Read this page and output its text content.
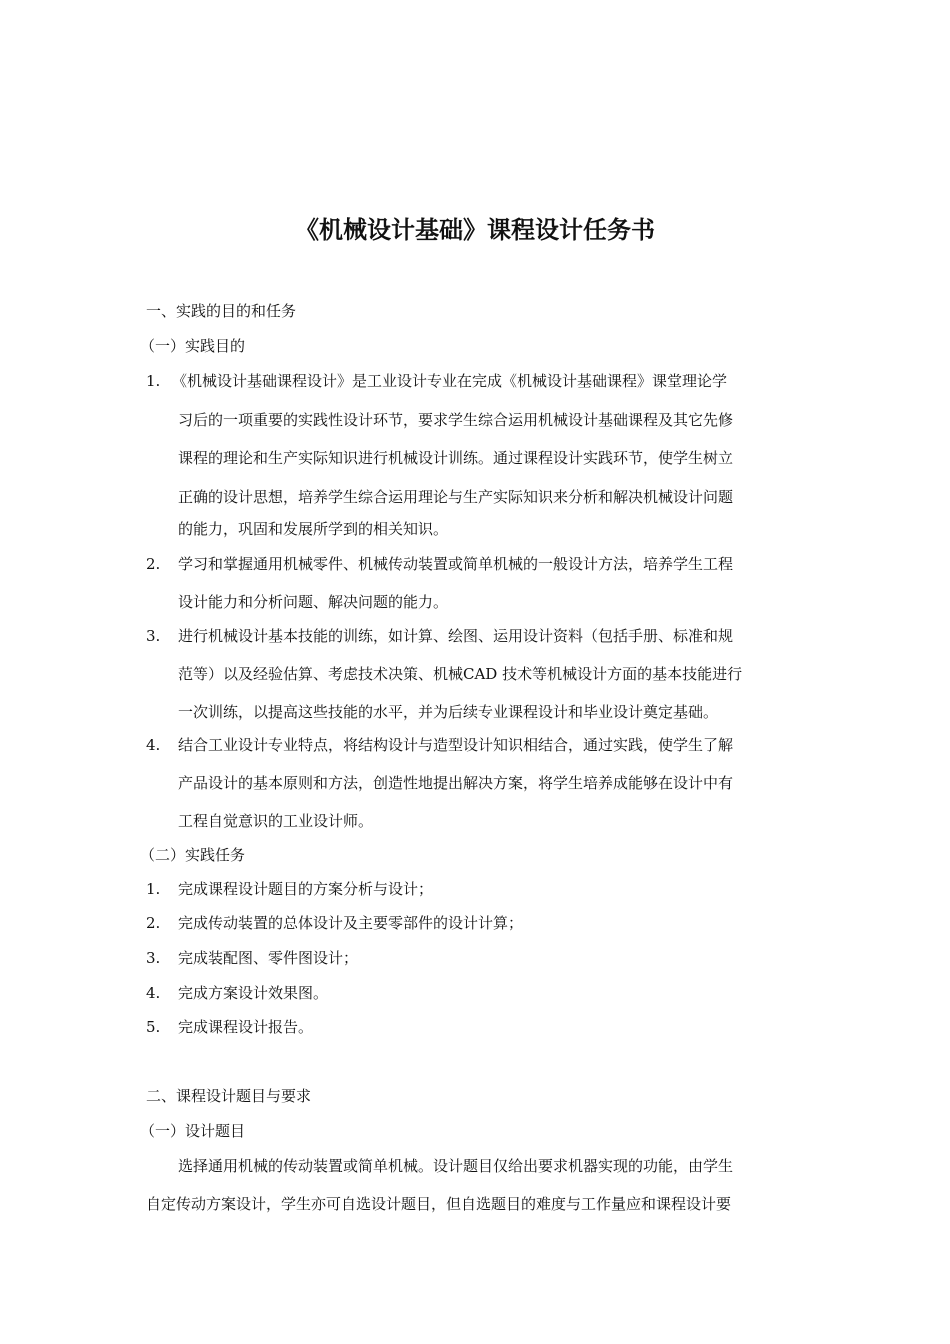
《机械设计基础》课程设计任务书
一、实践的目的和任务
（一）实践目的
1. 《机械设计基础课程设计》是工业设计专业在完成《机械设计基础课程》课堂理论学
习后的一项重要的实践性设计环节，要求学生综合运用机械设计基础课程及其它先修
课程的理论和生产实际知识进行机械设计训练。通过课程设计实践环节，使学生树立
正确的设计思想，培养学生综合运用理论与生产实际知识来分析和解决机械设计问题
的能力，巩固和发展所学到的相关知识。
2. 学习和掌握通用机械零件、机械传动装置或简单机械的一般设计方法，培养学生工程
设计能力和分析问题、解决问题的能力。
3. 进行机械设计基本技能的训练，如计算、绘图、运用设计资料（包括手册、标准和规
范等）以及经验估算、考虑技术决策、机械CAD 技术等机械设计方面的基本技能进行
一次训练，以提高这些技能的水平，并为后续专业课程设计和毕业设计奠定基础。
4. 结合工业设计专业特点，将结构设计与造型设计知识相结合，通过实践，使学生了解
产品设计的基本原则和方法，创造性地提出解决方案，将学生培养成能够在设计中有
工程自觉意识的工业设计师。
（二）实践任务
1. 完成课程设计题目的方案分析与设计；
2. 完成传动装置的总体设计及主要零部件的设计计算；
3. 完成装配图、零件图设计；
4. 完成方案设计效果图。
5. 完成课程设计报告。
二、课程设计题目与要求
（一）设计题目
选择通用机械的传动装置或简单机械。设计题目仅给出要求机器实现的功能，由学生
自定传动方案设计，学生亦可自选设计题目，但自选题目的难度与工作量应和课程设计要
